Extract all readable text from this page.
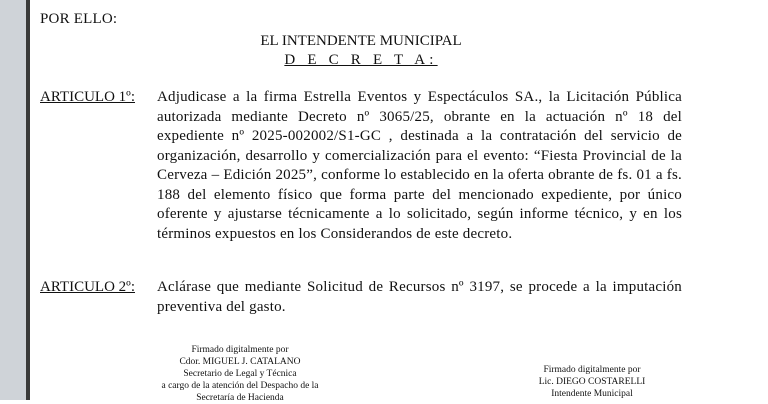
POR ELLO:
EL INTENDENTE MUNICIPAL
D E C R E T A:
ARTICULO 1º: Adjudicase a la firma Estrella Eventos y Espectáculos SA., la Licitación Pública autorizada mediante Decreto nº 3065/25, obrante en la actuación nº 18 del expediente nº 2025-002002/S1-GC , destinada a la contratación del servicio de organización, desarrollo y comercialización para el evento: “Fiesta Provincial de la Cerveza – Edición 2025”, conforme lo establecido en la oferta obrante de fs. 01 a fs. 188 del elemento físico que forma parte del mencionado expediente, por único oferente y ajustarse técnicamente a lo solicitado, según informe técnico, y en los términos expuestos en los Considerandos de este decreto.
ARTICULO 2º: Aclárase que mediante Solicitud de Recursos nº 3197, se procede a la imputación preventiva del gasto.
Firmado digitalmente por
Cdor. MIGUEL J. CATALANO
Secretario de Legal y Técnica
a cargo de la atención del Despacho de la
Secretaría de Hacienda
Firmado digitalmente por
Lic. DIEGO COSTARELLI
Intendente Municipal
